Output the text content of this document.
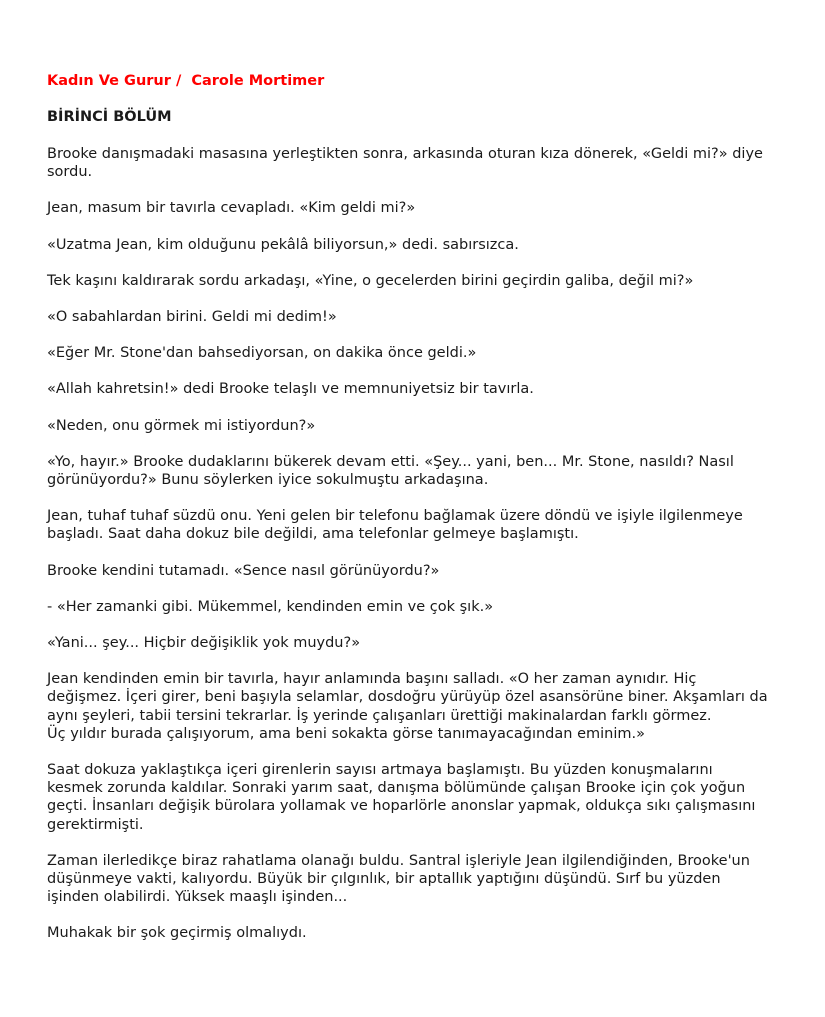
Kadın Ve Gurur /  Carole Mortimer
BİRİNCİ BÖLÜM

Brooke danışmadaki masasına yerleştikten sonra, arkasında oturan kıza dönerek, «Geldi mi?» diye sordu.

Jean, masum bir tavırla cevapladı. «Kim geldi mi?»

«Uzatma Jean, kim olduğunu pekâlâ biliyorsun,» dedi. sabırsızca.

Tek kaşını kaldırarak sordu arkadaşı, «Yine, o gecelerden birini geçirdin galiba, değil mi?»

«O sabahlardan birini. Geldi mi dedim!»

«Eğer Mr. Stone'dan bahsediyorsan, on dakika önce geldi.»

«Allah kahretsin!» dedi Brooke telaşlı ve memnuniyetsiz bir tavırla.

«Neden, onu görmek mi istiyordun?»

«Yo, hayır.» Brooke dudaklarını bükerek devam etti. «Şey... yani, ben... Mr. Stone, nasıldı? Nasıl görünüyordu?» Bunu söylerken iyice sokulmuştu arkadaşına.

Jean, tuhaf tuhaf süzdü onu. Yeni gelen bir telefonu bağlamak üzere döndü ve işiyle ilgilenmeye başladı. Saat daha dokuz bile değildi, ama telefonlar gelmeye başlamıştı.

Brooke kendini tutamadı. «Sence nasıl görünüyordu?»

- «Her zamanki gibi. Mükemmel, kendinden emin ve çok şık.»

«Yani... şey... Hiçbir değişiklik yok muydu?»

Jean kendinden emin bir tavırla, hayır anlamında başını salladı. «O her zaman aynıdır. Hiç değişmez. İçeri girer, beni başıyla selamlar, dosdoğru yürüyüp özel asansörüne biner. Akşamları da aynı şeyleri, tabii tersini tekrarlar. İş yerinde çalışanları ürettiği makinalardan farklı görmez.
Üç yıldır burada çalışıyorum, ama beni sokakta görse tanımayacağından eminim.»

Saat dokuza yaklaştıkça içeri girenlerin sayısı artmaya başlamıştı. Bu yüzden konuşmalarını kesmek zorunda kaldılar. Sonraki yarım saat, danışma bölümünde çalışan Brooke için çok yoğun geçti. İnsanları değişik bürolara yollamak ve hoparlörle anonslar yapmak, oldukça sıkı çalışmasını gerektirmişti.

Zaman ilerledikçe biraz rahatlama olanağı buldu. Santral işleriyle Jean ilgilendiğinden, Brooke'un düşünmeye vakti, kalıyordu. Büyük bir çılgınlık, bir aptallık yaptığını düşündü. Sırf bu yüzden işinden olabilirdi. Yüksek maaşlı işinden...

Muhakak bir şok geçirmiş olmalıydı.
